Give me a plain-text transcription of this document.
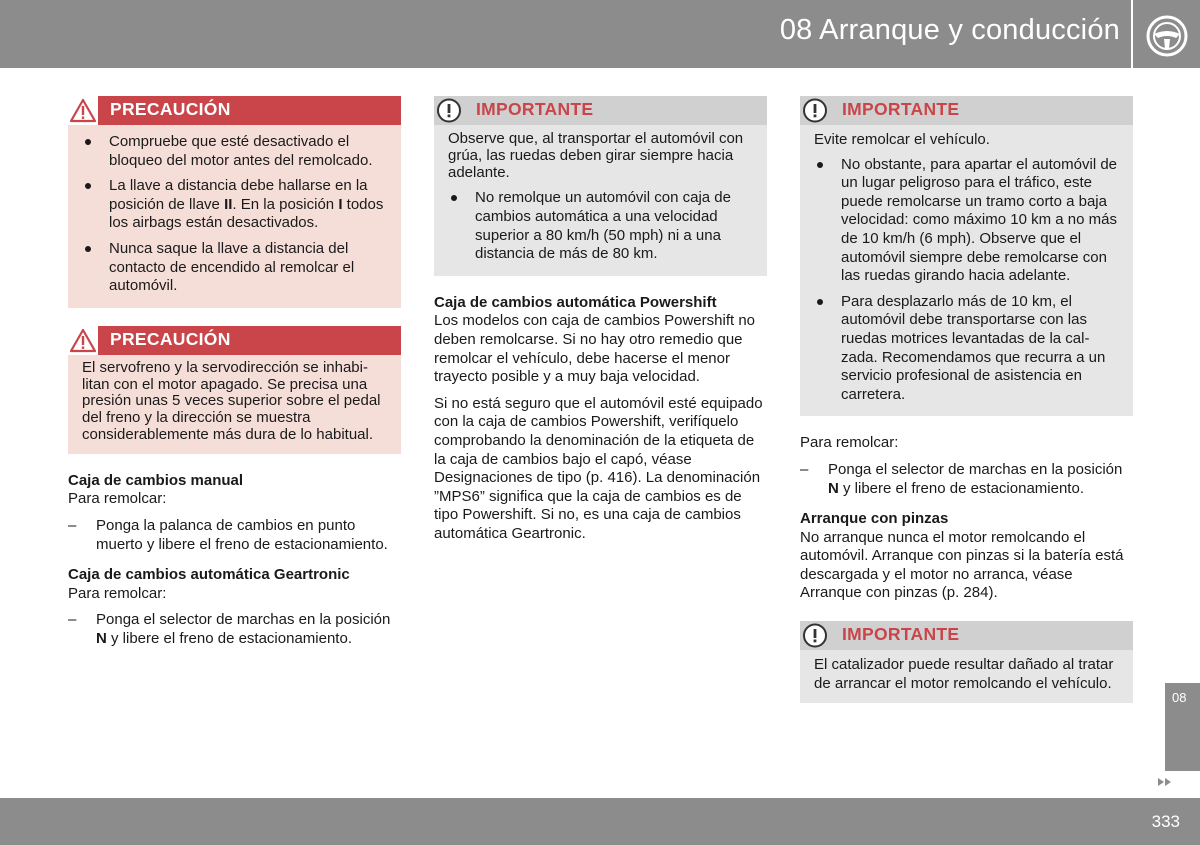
08 Arranque y conducción
PRECAUCIÓN
Compruebe que esté desactivado el bloqueo del motor antes del remolcado.
La llave a distancia debe hallarse en la posición de llave II. En la posición I todos los airbags están desactivados.
Nunca saque la llave a distancia del contacto de encendido al remolcar el automóvil.
PRECAUCIÓN

El servofreno y la servodirección se inhabilitan con el motor apagado. Se precisa una presión unas 5 veces superior sobre el pedal del freno y la dirección se muestra considerablemente más dura de lo habitual.

Caja de cambios manual

Para remolcar:

– Ponga la palanca de cambios en punto muerto y libere el freno de estacionamiento.

Caja de cambios automática Geartronic

Para remolcar:

– Ponga el selector de marchas en la posición N y libere el freno de estacionamiento.
IMPORTANTE

Observe que, al transportar el automóvil con grúa, las ruedas deben girar siempre hacia adelante.

No remolque un automóvil con caja de cambios automática a una velocidad superior a 80 km/h (50 mph) ni a una distancia de más de 80 km.

Caja de cambios automática Powershift

Los modelos con caja de cambios Powershift no deben remolcarse. Si no hay otro remedio que remolcar el vehículo, debe hacerse el menor trayecto posible y a muy baja velocidad.

Si no está seguro que el automóvil esté equipado con la caja de cambios Powershift, verifíquelo comprobando la denominación de la etiqueta de la caja de cambios bajo el capó, véase Designaciones de tipo (p. 416). La denominación ”MPS6” significa que la caja de cambios es de tipo Powershift. Si no, es una caja de cambios automática Geartronic.

IMPORTANTE

Evite remolcar el vehículo.

No obstante, para apartar el automóvil de un lugar peligroso para el tráfico, este puede remolcarse un tramo corto a baja velocidad: como máximo 10 km a no más de 10 km/h (6 mph). Observe que el automóvil siempre debe remolcarse con las ruedas girando hacia adelante.
Para desplazarlo más de 10 km, el automóvil debe transportarse con las ruedas motrices levantadas de la calzada. Recomendamos que recurra a un servicio profesional de asistencia en carretera.

Para remolcar:

– Ponga el selector de marchas en la posición N y libere el freno de estacionamiento.

Arranque con pinzas

No arranque nunca el motor remolcando el automóvil. Arranque con pinzas si la batería está descargada y el motor no arranca, véase Arranque con pinzas (p. 284).

IMPORTANTE

El catalizador puede resultar dañado al tratar de arrancar el motor remolcando el vehículo.

08
333
